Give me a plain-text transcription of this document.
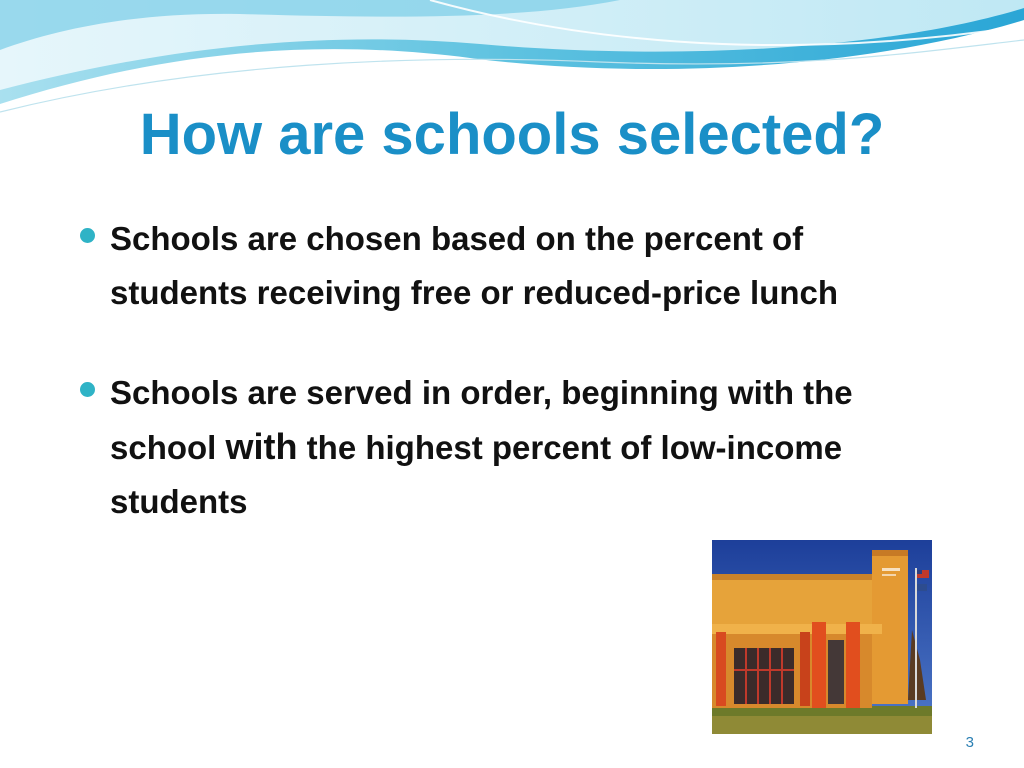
How are schools selected?
Schools are chosen based on the percent of students receiving free or reduced-price lunch
Schools are served in order, beginning with the school with the highest percent of low-income students
3
